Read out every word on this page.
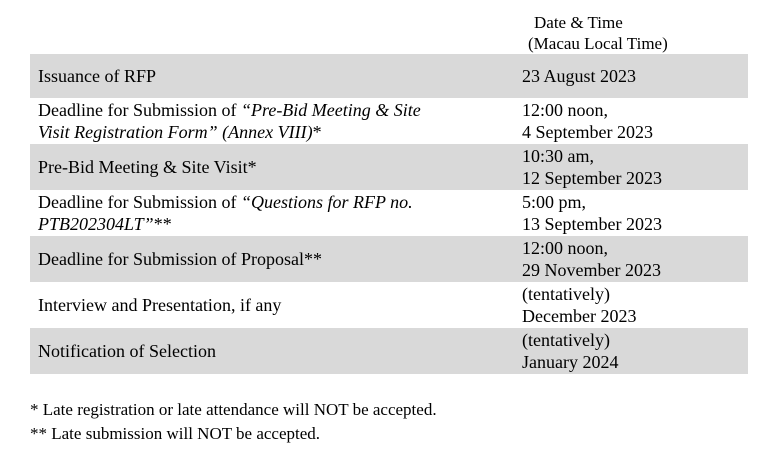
Date & Time
(Macau Local Time)
Issuance of RFP	23 August 2023
Deadline for Submission of “Pre-Bid Meeting & Site
Visit Registration Form” (Annex VIII)*
12:00 noon,
4 September 2023
Pre-Bid Meeting & Site Visit*
10:30 am,
12 September 2023
Deadline for Submission of “Questions for RFP no.
PTB202304LT”**
5:00 pm,
13 September 2023
Deadline for Submission of Proposal**
12:00 noon,
29 November 2023
Interview and Presentation, if any
(tentatively)
December 2023
Notification of Selection
(tentatively)
January 2024
* Late registration or late attendance will NOT be accepted.
** Late submission will NOT be accepted.
